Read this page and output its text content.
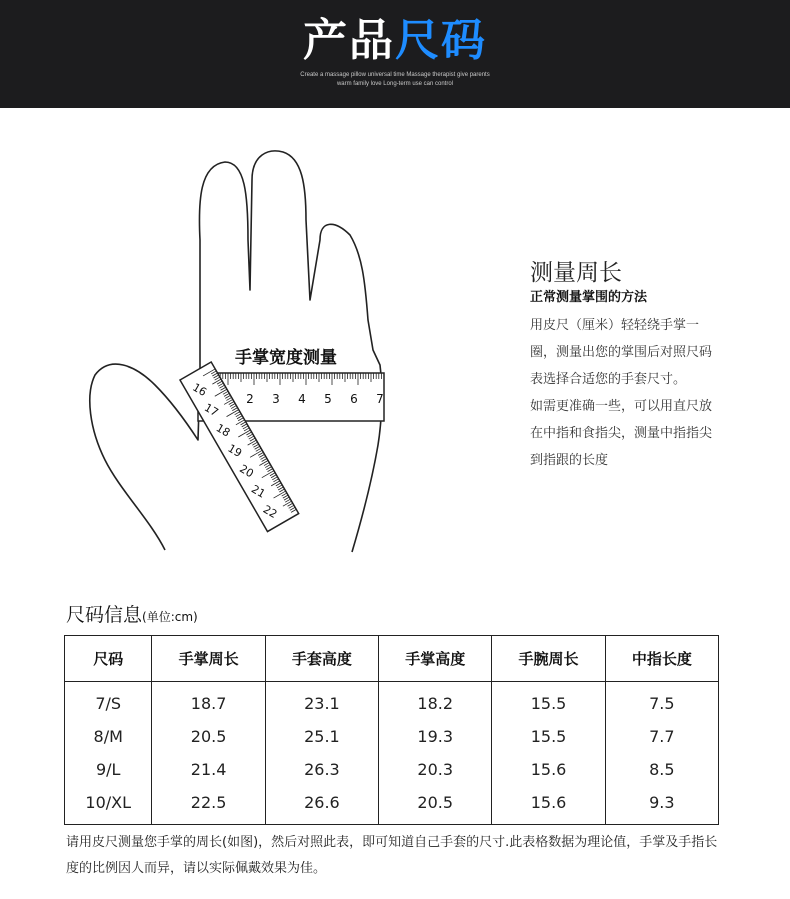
产品尺码
Create a massage pillow universal time Massage therapist give parents
warm family love Long-term use can control
手掌宽度测量
2 3 4 5 6 7
16
17
18
19
20
21
22
测量周长
正常测量掌围的方法

用皮尺（厘米）轻轻绕手掌一圈，测量出您的掌围后对照尺码表选择合适您的手套尺寸。

如需更准确一些，可以用直尺放在中指和食指尖，测量中指指尖到指跟的长度

尺码信息(单位:cm)
尺码	手掌周长	手套高度	手掌高度	手腕周长	中指长度
7/S	18.7	23.1	18.2	15.5	7.5
8/M	20.5	25.1	19.3	15.5	7.7
9/L	21.4	26.3	20.3	15.6	8.5
10/XL	22.5	26.6	20.5	15.6	9.3
请用皮尺测量您手掌的周长(如图)，然后对照此表，即可知道自己手套的尺寸.此表格数据为理论值，手掌及手指长度的比例因人而异，请以实际佩戴效果为佳。
